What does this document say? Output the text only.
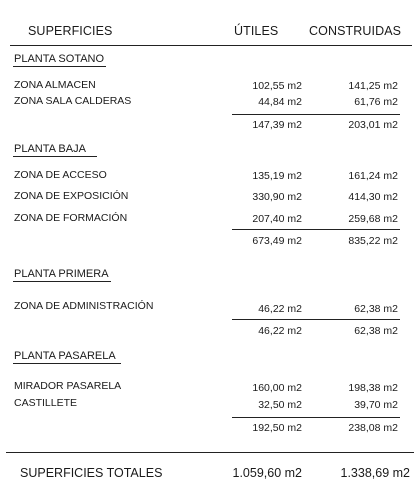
SUPERFICIES	ÚTILES CONSTRUIDAS
PLANTA SOTANO
ZONA ALMACEN	102,55 m2	141,25 m2
ZONA SALA CALDERAS	44,84 m2	61,76 m2
147,39 m2	203,01 m2
PLANTA BAJA
ZONA DE ACCESO	135,19 m2	161,24 m2
ZONA DE EXPOSICIÓN	330,90 m2	414,30 m2
ZONA DE FORMACIÓN	207,40 m2	259,68 m2
673,49 m2	835,22 m2
PLANTA PRIMERA
ZONA DE ADMINISTRACIÓN	46,22 m2	62,38 m2
46,22 m2	62,38 m2
PLANTA PASARELA
MIRADOR PASARELA	160,00 m2	198,38 m2
CASTILLETE	32,50 m2	39,70 m2
192,50 m2	238,08 m2
SUPERFICIES TOTALES	1.059,60 m2	1.338,69 m2
